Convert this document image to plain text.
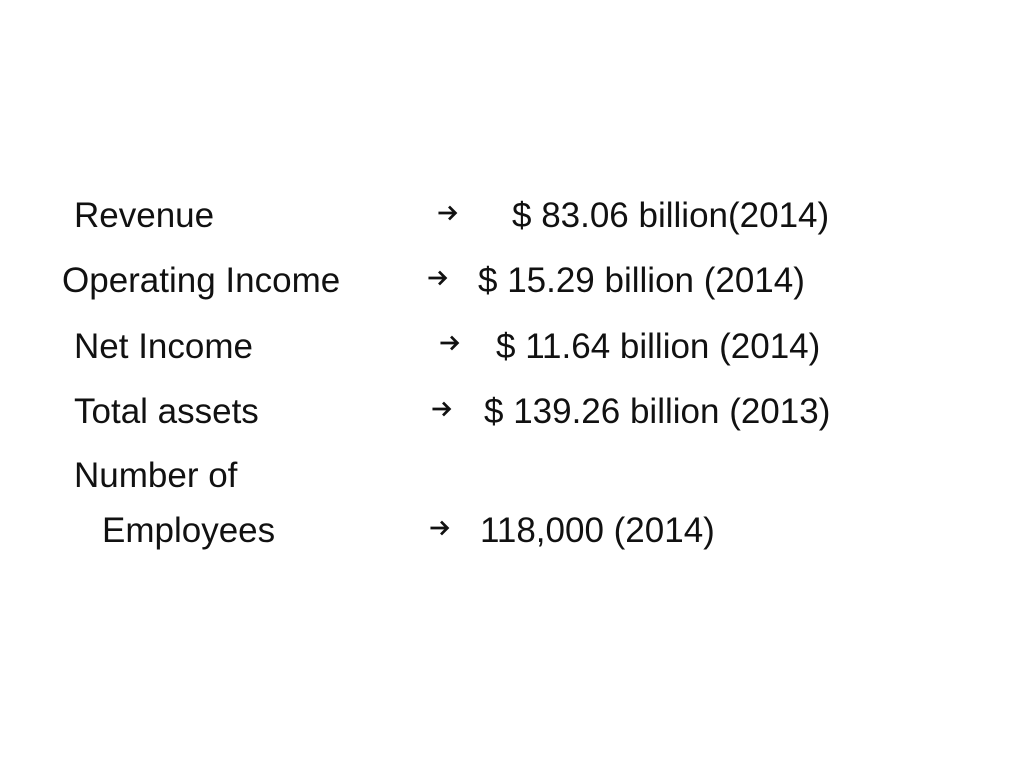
Revenue	$ 83.06 billion(2014)
Operating Income	$ 15.29 billion (2014)
Net Income	$ 11.64 billion (2014)
Total assets	$ 139.26 billion (2013)
Number of
Employees	118,000 (2014)
